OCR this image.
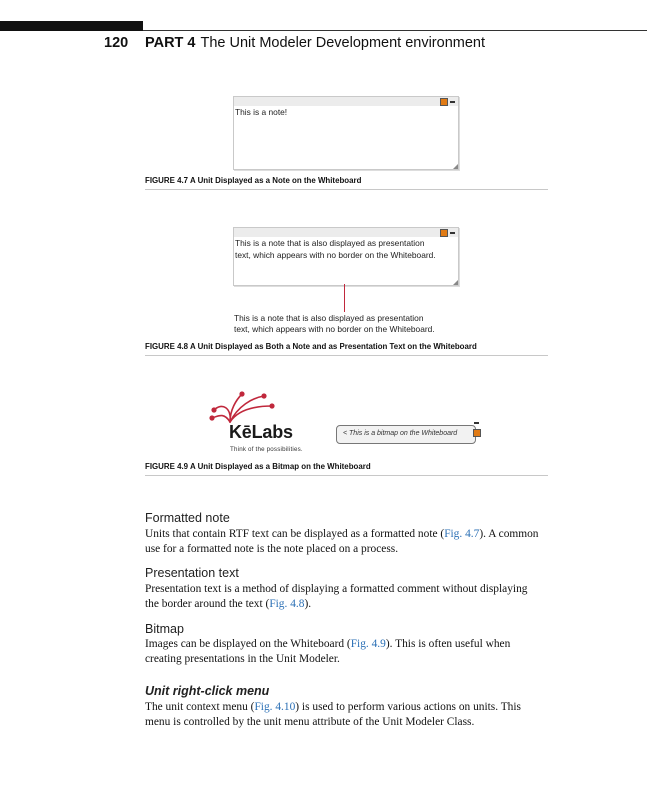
120 PART 4 The Unit Modeler Development environment
This is a note!
FIGURE 4.7 A Unit Displayed as a Note on the Whiteboard
This is a note that is also displayed as presentation
text, which appears with no border on the Whiteboard.
This is a note that is also displayed as presentation
text, which appears with no border on the Whiteboard.
FIGURE 4.8 A Unit Displayed as Both a Note and as Presentation Text on the Whiteboard
KēLabs
Think of the possibilities.
< This is a bitmap on the Whiteboard
FIGURE 4.9 A Unit Displayed as a Bitmap on the Whiteboard
Formatted note
Units that contain RTF text can be displayed as a formatted note (Fig. 4.7). A common
use for a formatted note is the note placed on a process.
Presentation text
Presentation text is a method of displaying a formatted comment without displaying
the border around the text (Fig. 4.8).
Bitmap
Images can be displayed on the Whiteboard (Fig. 4.9). This is often useful when
creating presentations in the Unit Modeler.
Unit right-click menu
The unit context menu (Fig. 4.10) is used to perform various actions on units. This
menu is controlled by the unit menu attribute of the Unit Modeler Class.
